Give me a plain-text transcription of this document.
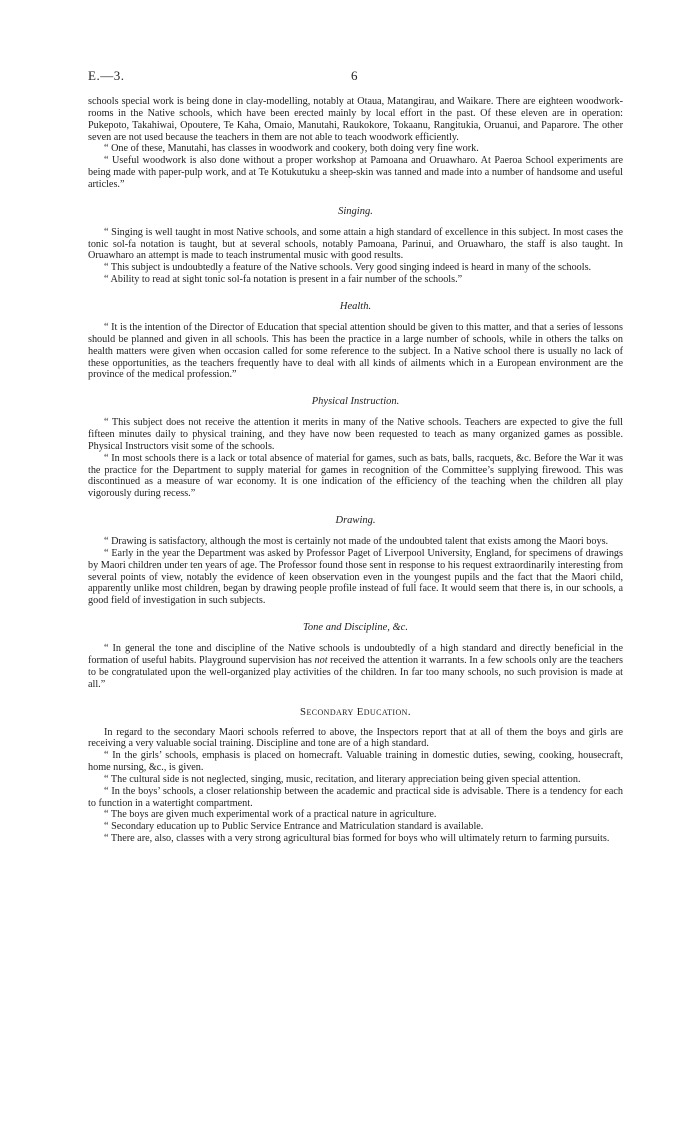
E.—3.	6

schools special work is being done in clay-modelling, notably at Otaua, Matangirau, and Waikare. There are eighteen woodwork-rooms in the Native schools, which have been erected mainly by local effort in the past. Of these eleven are in operation: Pukepoto, Takahiwai, Opoutere, Te Kaha, Omaio, Manutahi, Raukokore, Tokaanu, Rangitukia, Oruanui, and Paparore. The other seven are not used because the teachers in them are not able to teach woodwork efficiently.

“ One of these, Manutahi, has classes in woodwork and cookery, both doing very fine work.

“ Useful woodwork is also done without a proper workshop at Pamoana and Oruawharo. At Paeroa School experiments are being made with paper-pulp work, and at Te Kotukutuku a sheep-skin was tanned and made into a number of handsome and useful articles.”

Singing.

“ Singing is well taught in most Native schools, and some attain a high standard of excellence in this subject. In most cases the tonic sol-fa notation is taught, but at several schools, notably Pamoana, Parinui, and Oruawharo, the staff is also taught. In Oruawharo an attempt is made to teach instrumental music with good results.

“ This subject is undoubtedly a feature of the Native schools. Very good singing indeed is heard in many of the schools.

“ Ability to read at sight tonic sol-fa notation is present in a fair number of the schools.”

Health.

“ It is the intention of the Director of Education that special attention should be given to this matter, and that a series of lessons should be planned and given in all schools. This has been the practice in a large number of schools, while in others the talks on health matters were given when occasion called for some reference to the subject. In a Native school there is usually no lack of these opportunities, as the teachers frequently have to deal with all kinds of ailments which in a European environment are the province of the medical profession.”

Physical Instruction.

“ This subject does not receive the attention it merits in many of the Native schools. Teachers are expected to give the full fifteen minutes daily to physical training, and they have now been requested to teach as many organized games as possible. Physical Instructors visit some of the schools.

“ In most schools there is a lack or total absence of material for games, such as bats, balls, racquets, &c. Before the War it was the practice for the Department to supply material for games in recognition of the Committee’s supplying firewood. This was discontinued as a measure of war economy. It is one indication of the efficiency of the teaching when the children all play vigorously during recess.”

Drawing.

“ Drawing is satisfactory, although the most is certainly not made of the undoubted talent that exists among the Maori boys.

“ Early in the year the Department was asked by Professor Paget of Liverpool University, England, for specimens of drawings by Maori children under ten years of age. The Professor found those sent in response to his request extraordinarily interesting from several points of view, notably the evidence of keen observation even in the youngest pupils and the fact that the Maori child, apparently unlike most children, began by drawing people profile instead of full face. It would seem that there is, in our schools, a good field of investigation in such subjects.

Tone and Discipline, &c.

“ In general the tone and discipline of the Native schools is undoubtedly of a high standard and directly beneficial in the formation of useful habits. Playground supervision has not received the attention it warrants. In a few schools only are the teachers to be congratulated upon the well-organized play activities of the children. In far too many schools, no such provision is made at all.”

Secondary Education.

In regard to the secondary Maori schools referred to above, the Inspectors report that at all of them the boys and girls are receiving a very valuable social training. Discipline and tone are of a high standard.

“ In the girls’ schools, emphasis is placed on homecraft. Valuable training in domestic duties, sewing, cooking, housecraft, home nursing, &c., is given.

“ The cultural side is not neglected, singing, music, recitation, and literary appreciation being given special attention.

“ In the boys’ schools, a closer relationship between the academic and practical side is advisable. There is a tendency for each to function in a watertight compartment.

“ The boys are given much experimental work of a practical nature in agriculture.

“ Secondary education up to Public Service Entrance and Matriculation standard is available.

“ There are, also, classes with a very strong agricultural bias formed for boys who will ultimately return to farming pursuits.
